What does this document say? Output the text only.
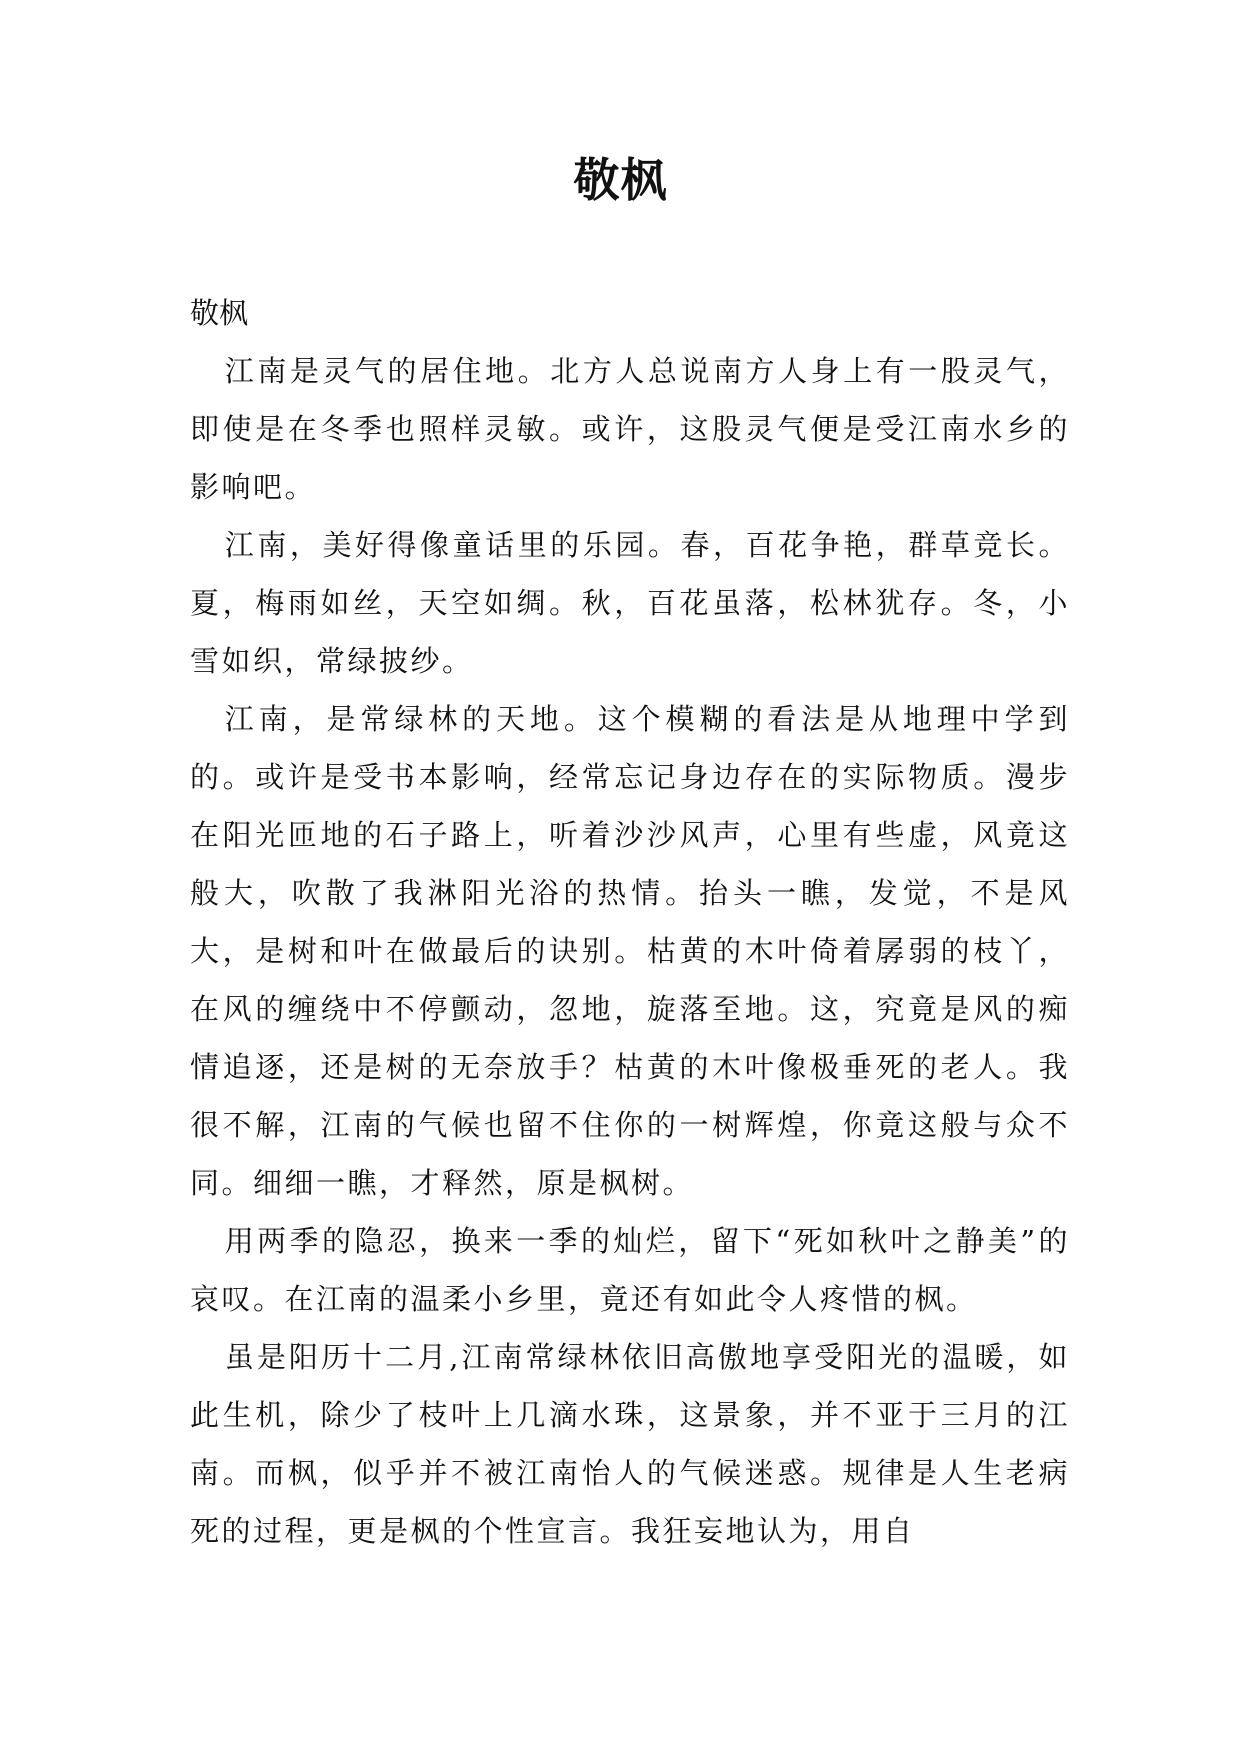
敬枫

敬枫

江南是灵气的居住地。北方人总说南方人身上有一股灵气，即使是在冬季也照样灵敏。或许，这股灵气便是受江南水乡的影响吧。

江南，美好得像童话里的乐园。春，百花争艳，群草竞长。夏，梅雨如丝，天空如绸。秋，百花虽落，松林犹存。冬，小雪如织，常绿披纱。

江南，是常绿林的天地。这个模糊的看法是从地理中学到的。或许是受书本影响，经常忘记身边存在的实际物质。漫步在阳光匝地的石子路上，听着沙沙风声，心里有些虚，风竟这般大，吹散了我淋阳光浴的热情。抬头一瞧，发觉，不是风大，是树和叶在做最后的诀别。枯黄的木叶倚着孱弱的枝丫，在风的缠绕中不停颤动，忽地，旋落至地。这，究竟是风的痴情追逐，还是树的无奈放手？枯黄的木叶像极垂死的老人。我很不解，江南的气候也留不住你的一树辉煌，你竟这般与众不同。细细一瞧，才释然，原是枫树。

用两季的隐忍，换来一季的灿烂，留下“死如秋叶之静美”的哀叹。在江南的温柔小乡里，竟还有如此令人疼惜的枫。

虽是阳历十二月,江南常绿林依旧高傲地享受阳光的温暖，如此生机，除少了枝叶上几滴水珠，这景象，并不亚于三月的江南。而枫，似乎并不被江南怡人的气候迷惑。规律是人生老病死的过程，更是枫的个性宣言。我狂妄地认为，用自
